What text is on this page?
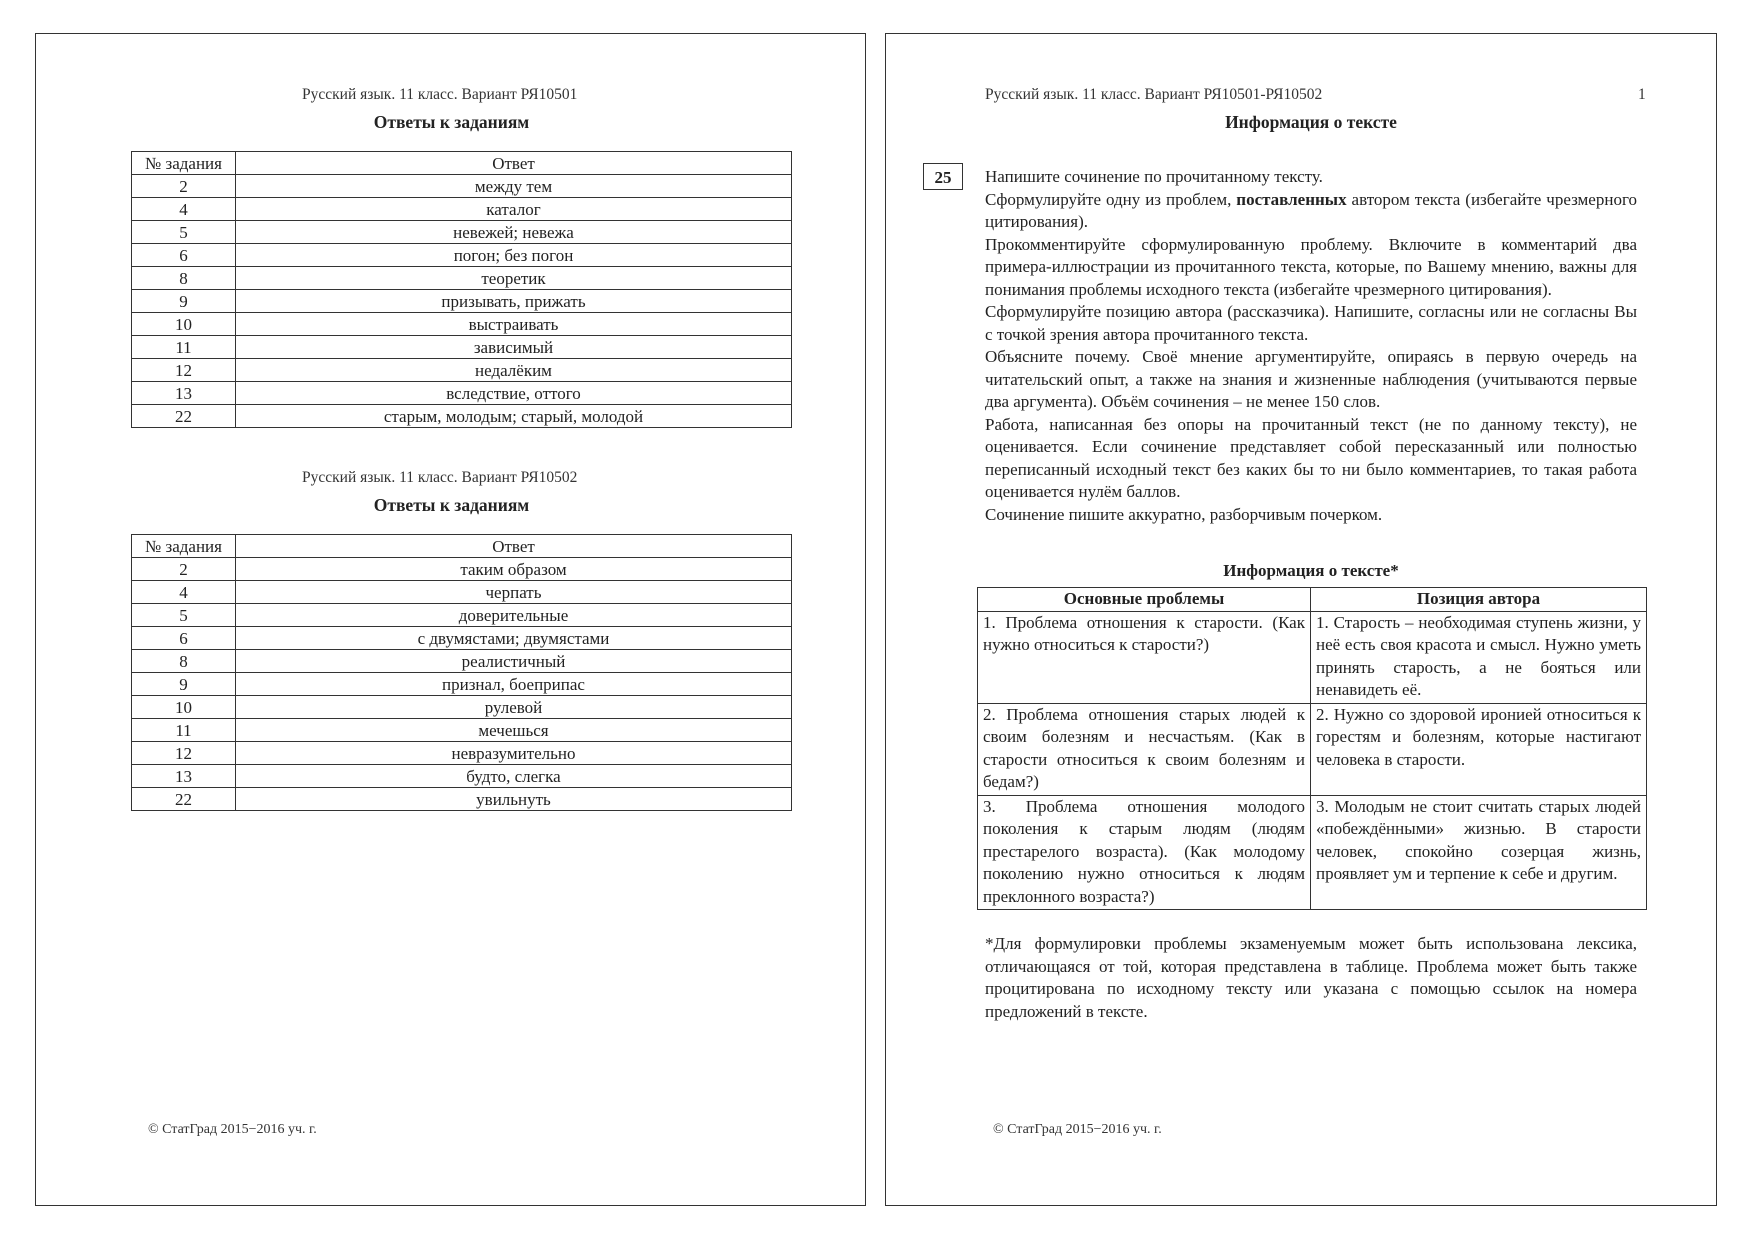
Русский язык. 11 класс. Вариант РЯ10501
Ответы к заданиям
№ задания	Ответ
2	между тем
4	каталог
5	невежей; невежа
6	погон; без погон
8	теоретик
9	призывать, прижать
10	выстраивать
11	зависимый
12	недалёким
13	вследствие, оттого
22	старым, молодым; старый, молодой
Русский язык. 11 класс. Вариант РЯ10502
Ответы к заданиям
№ задания	Ответ
2	таким образом
4	черпать
5	доверительные
6	с двумястами; двумястами
8	реалистичный
9	признал, боеприпас
10	рулевой
11	мечешься
12	невразумительно
13	будто, слегка
22	увильнуть
© СтатГрад 2015−2016 уч. г.
Русский язык. 11 класс. Вариант РЯ10501-РЯ10502	1
Информация о тексте
25	Напишите сочинение по прочитанному тексту.

Сформулируйте одну из проблем, поставленных автором текста (избегайте чрезмерного цитирования).

Прокомментируйте сформулированную проблему. Включите в комментарий два примера-иллюстрации из прочитанного текста, которые, по Вашему мнению, важны для понимания проблемы исходного текста (избегайте чрезмерного цитирования).

Сформулируйте позицию автора (рассказчика). Напишите, согласны или не согласны Вы с точкой зрения автора прочитанного текста.

Объясните почему. Своё мнение аргументируйте, опираясь в первую очередь на читательский опыт, а также на знания и жизненные наблюдения (учитываются первые два аргумента). Объём сочинения – не менее 150 слов.

Работа, написанная без опоры на прочитанный текст (не по данному тексту), не оценивается. Если сочинение представляет собой пересказанный или полностью переписанный исходный текст без каких бы то ни было комментариев, то такая работа оценивается нулём баллов.

Сочинение пишите аккуратно, разборчивым почерком.

Информация о тексте*
Основные проблемы	Позиция автора
1. Проблема отношения к старости. (Как нужно относиться к старости?)	1. Старость – необходимая ступень жизни, у неё есть своя красота и смысл. Нужно уметь принять старость, а не бояться или ненавидеть её.
2. Проблема отношения старых людей к своим болезням и несчастьям. (Как в старости относиться к своим болезням и бедам?)	2. Нужно со здоровой иронией относиться к горестям и болезням, которые настигают человека в старости.
3. Проблема отношения молодого поколения к старым людям (людям престарелого возраста). (Как молодому поколению нужно относиться к людям преклонного возраста?)	3. Молодым не стоит считать старых людей «побеждёнными» жизнью. В старости человек, спокойно созерцая жизнь, проявляет ум и терпение к себе и другим.
*Для формулировки проблемы экзаменуемым может быть использована лексика, отличающаяся от той, которая представлена в таблице. Проблема может быть также процитирована по исходному тексту или указана с помощью ссылок на номера предложений в тексте.
© СтатГрад 2015−2016 уч. г.
